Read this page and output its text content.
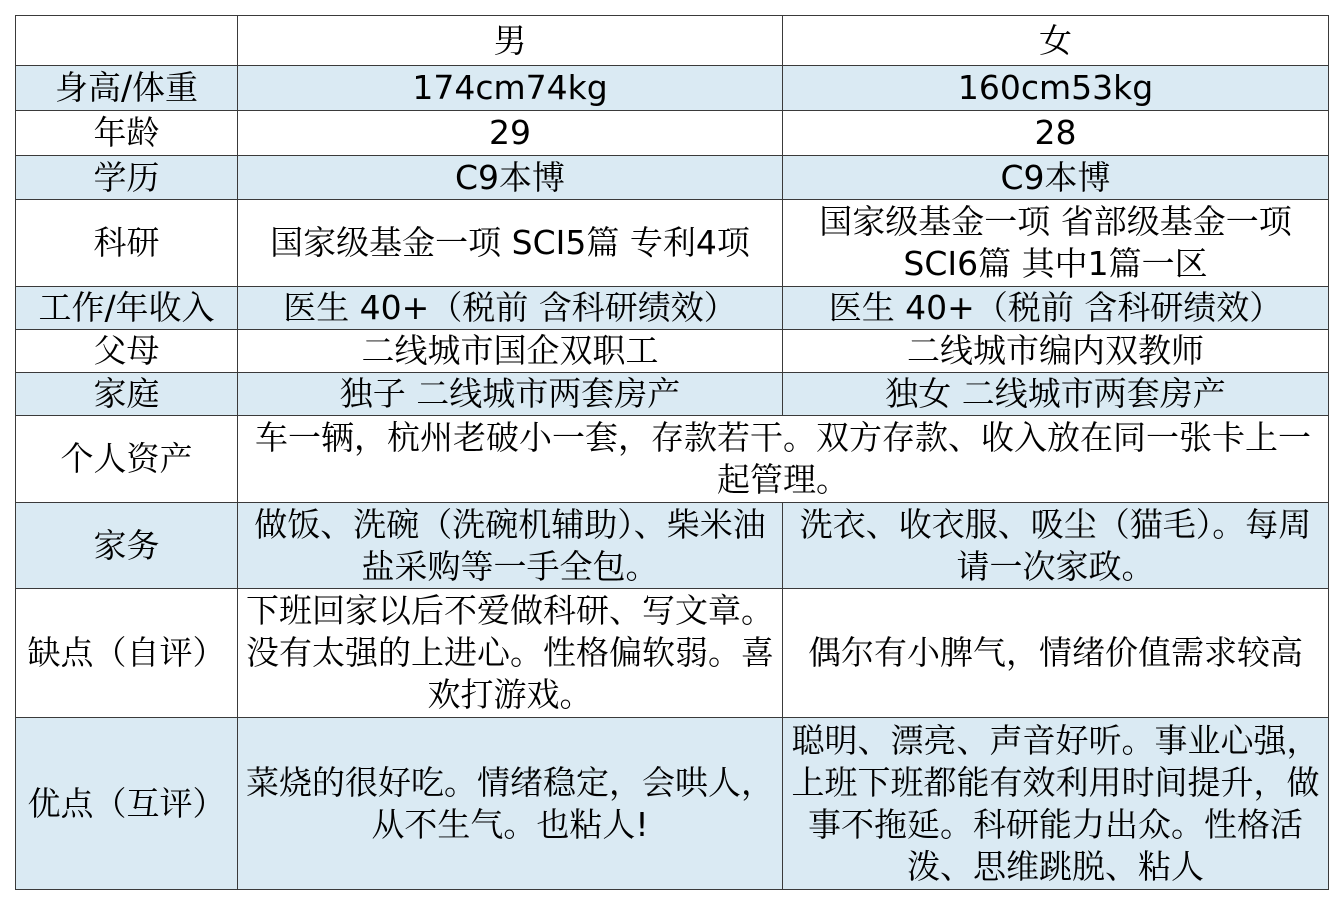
	男	女
身高/体重	174cm74kg	160cm53kg
年龄	29	28
学历	C9本博	C9本博
科研	国家级基金一项 SCI5篇 专利4项	国家级基金一项 省部级基金一项 SCI6篇 其中1篇一区
工作/年收入	医生 40+（税前 含科研绩效）	医生 40+（税前 含科研绩效）
父母	二线城市国企双职工	二线城市编内双教师
家庭	独子 二线城市两套房产	独女 二线城市两套房产
个人资产	车一辆，杭州老破小一套，存款若干。双方存款、收入放在同一张卡上一起管理。	
家务	做饭、洗碗（洗碗机辅助）、柴米油盐采购等一手全包。	洗衣、收衣服、吸尘（猫毛）。每周请一次家政。
缺点（自评）	下班回家以后不爱做科研、写文章。没有太强的上进心。性格偏软弱。喜欢打游戏。	偶尔有小脾气，情绪价值需求较高
优点（互评）	菜烧的很好吃。情绪稳定，会哄人，从不生气。也粘人!	聪明、漂亮、声音好听。事业心强，上班下班都能有效利用时间提升，做事不拖延。科研能力出众。性格活泼、思维跳脱、粘人
